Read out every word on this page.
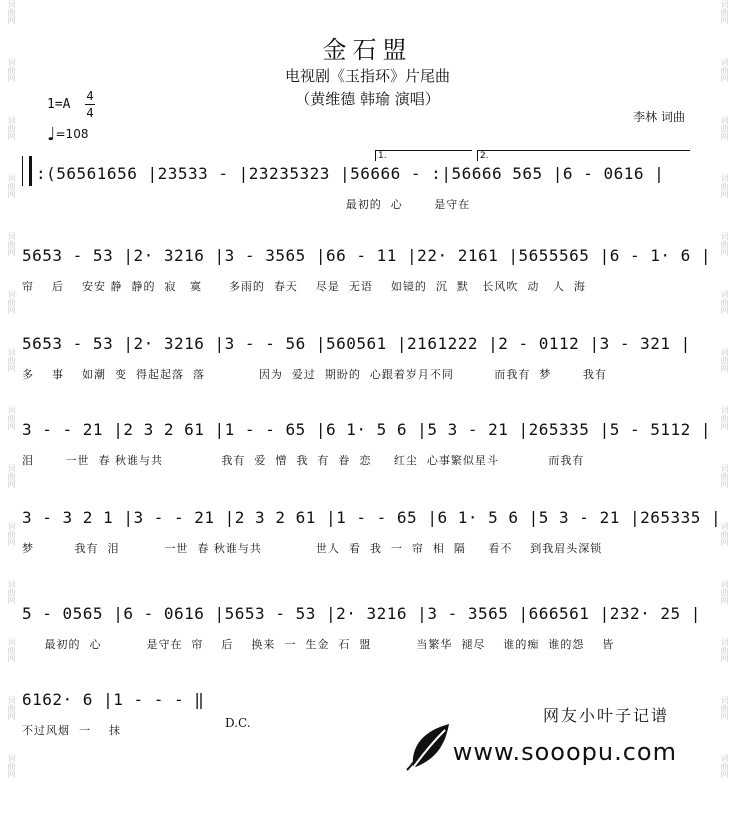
词曲网
词曲网
词曲网
词曲网
词曲网
词曲网
词曲网
词曲网
词曲网
词曲网
词曲网
词曲网
词曲网
词曲网
词曲网
词曲网
词曲网
词曲网
词曲网
词曲网
词曲网
词曲网
词曲网
词曲网
词曲网
词曲网
词曲网
词曲网
金石盟
电视剧《玉指环》片尾曲
（黄维德 韩瑜 演唱）
1=A
4
4
♩=108
李林 词曲
1.	2.
:(56561656 |23533 - |23235323 |56666 - :|56666 565 |6 - 0616 |
最初的  心       是守在
5653 - 53 |2· 3216 |3 - 3565 |66 - 11 |22· 2161 |5655565 |6 - 1· 6 |
帘    后    安安 静  静的  寂   寞      多雨的  春天    尽是  无语    如镜的  沉  默   长风吹  动   人  海
5653 - 53 |2· 3216 |3 - - 56 |560561 |2161222 |2 - 0112 |3 - 321 |
多    事    如潮  变  得起起落  落            因为  爱过  期盼的  心跟着岁月不同         而我有  梦       我有
3 - - 21 |2 3 2 61 |1 - - 65 |6 1· 5 6 |5 3 - 21 |265335 |5 - 5112 |
泪       一世  春 秋谁与共             我有  爱  憎  我  有  眷  恋     红尘  心事繁似星斗           而我有
3 - 3 2 1 |3 - - 21 |2 3 2 61 |1 - - 65 |6 1· 5 6 |5 3 - 21 |265335 |
梦         我有  泪          一世  春 秋谁与共            世人  看  我  一  帘  相  隔     看不    到我眉头深锁
5 - 0565 |6 - 0616 |5653 - 53 |2· 3216 |3 - 3565 |666561 |232· 25 |
最初的  心          是守在  帘    后    换来  一  生金  石  盟          当繁华  褪尽    谁的痴  谁的怨    皆
6162· 6 |1 - - - ‖
不过风烟  一    抹
D.C.	网友小叶子记谱
www.sooopu.com
